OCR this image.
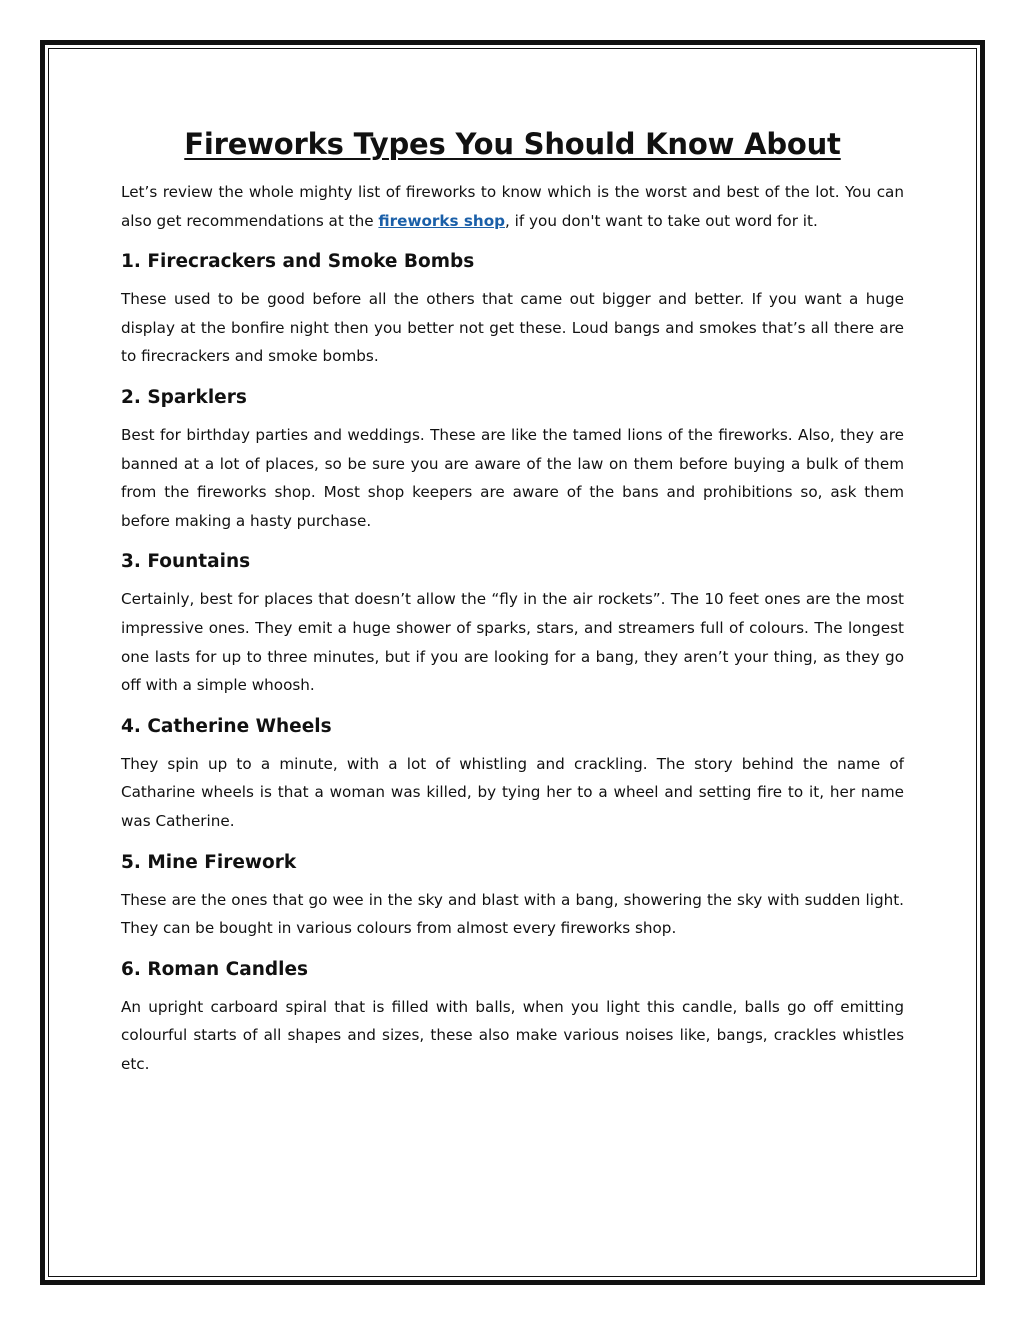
Fireworks Types You Should Know About

Let’s review the whole mighty list of fireworks to know which is the worst and best of the lot. You can also get recommendations at the fireworks shop, if you don't want to take out word for it.

1. Firecrackers and Smoke Bombs

These used to be good before all the others that came out bigger and better. If you want a huge display at the bonfire night then you better not get these. Loud bangs and smokes that’s all there are to firecrackers and smoke bombs.

2. Sparklers

Best for birthday parties and weddings. These are like the tamed lions of the fireworks. Also, they are banned at a lot of places, so be sure you are aware of the law on them before buying a bulk of them from the fireworks shop. Most shop keepers are aware of the bans and prohibitions so, ask them before making a hasty purchase.

3. Fountains

Certainly, best for places that doesn’t allow the “fly in the air rockets”. The 10 feet ones are the most impressive ones. They emit a huge shower of sparks, stars, and streamers full of colours. The longest one lasts for up to three minutes, but if you are looking for a bang, they aren’t your thing, as they go off with a simple whoosh.

4. Catherine Wheels

They spin up to a minute, with a lot of whistling and crackling. The story behind the name of Catharine wheels is that a woman was killed, by tying her to a wheel and setting fire to it, her name was Catherine.

5. Mine Firework

These are the ones that go wee in the sky and blast with a bang, showering the sky with sudden light. They can be bought in various colours from almost every fireworks shop.

6. Roman Candles

An upright carboard spiral that is filled with balls, when you light this candle, balls go off emitting colourful starts of all shapes and sizes, these also make various noises like, bangs, crackles whistles etc.
